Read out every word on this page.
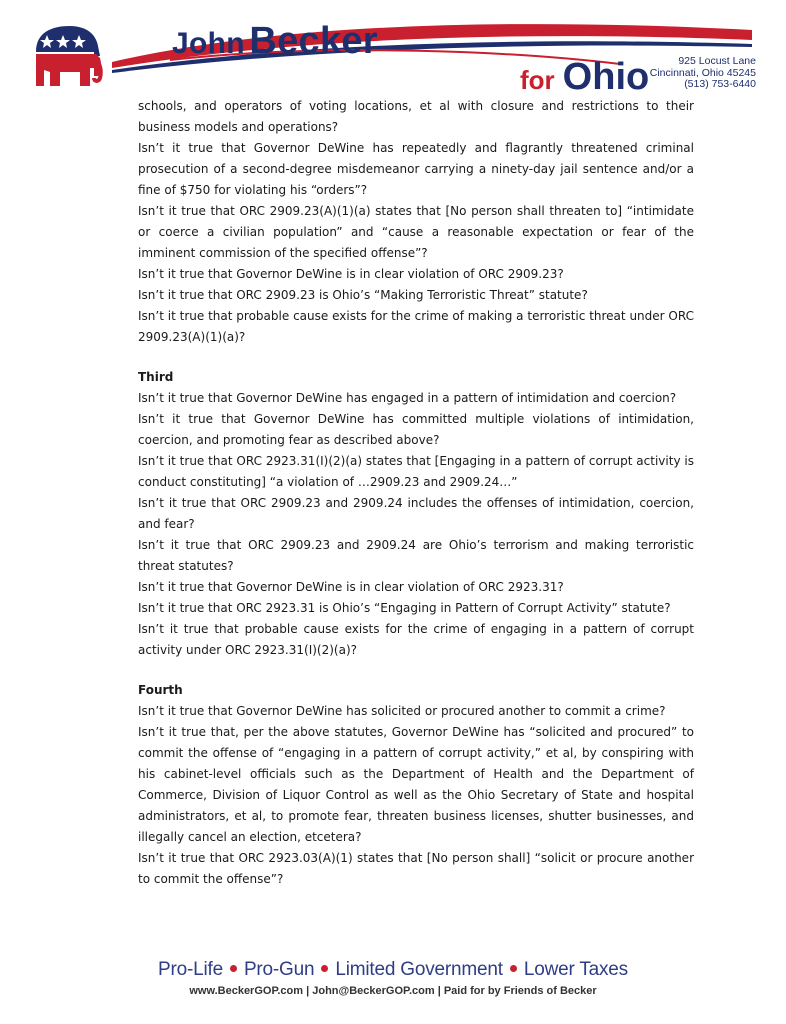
John Becker
for Ohio	925 Locust Lane
Cincinnati, Ohio 45245
(513) 753-6440

schools, and operators of voting locations, et al with closure and restrictions to their business models and operations?

Isn’t it true that Governor DeWine has repeatedly and flagrantly threatened criminal prosecution of a second-degree misdemeanor carrying a ninety-day jail sentence and/or a fine of $750 for violating his “orders”?

Isn’t it true that ORC 2909.23(A)(1)(a) states that [No person shall threaten to] “intimidate or coerce a civilian population” and “cause a reasonable expectation or fear of the imminent commission of the specified offense”?

Isn’t it true that Governor DeWine is in clear violation of ORC 2909.23?

Isn’t it true that ORC 2909.23 is Ohio’s “Making Terroristic Threat” statute?

Isn’t it true that probable cause exists for the crime of making a terroristic threat under ORC 2909.23(A)(1)(a)?

Third

Isn’t it true that Governor DeWine has engaged in a pattern of intimidation and coercion?

Isn’t it true that Governor DeWine has committed multiple violations of intimidation, coercion, and promoting fear as described above?

Isn’t it true that ORC 2923.31(I)(2)(a) states that [Engaging in a pattern of corrupt activity is conduct constituting] “a violation of …2909.23 and 2909.24…”

Isn’t it true that ORC 2909.23 and 2909.24 includes the offenses of intimidation, coercion, and fear?

Isn’t it true that ORC 2909.23 and 2909.24 are Ohio’s terrorism and making terroristic threat statutes?

Isn’t it true that Governor DeWine is in clear violation of ORC 2923.31?

Isn’t it true that ORC 2923.31 is Ohio’s “Engaging in Pattern of Corrupt Activity” statute?

Isn’t it true that probable cause exists for the crime of engaging in a pattern of corrupt activity under ORC 2923.31(I)(2)(a)?

Fourth

Isn’t it true that Governor DeWine has solicited or procured another to commit a crime?

Isn’t it true that, per the above statutes, Governor DeWine has “solicited and procured” to commit the offense of “engaging in a pattern of corrupt activity,” et al, by conspiring with his cabinet-level officials such as the Department of Health and the Department of Commerce, Division of Liquor Control as well as the Ohio Secretary of State and hospital administrators, et al, to promote fear, threaten business licenses, shutter businesses, and illegally cancel an election, etcetera?

Isn’t it true that ORC 2923.03(A)(1) states that [No person shall] “solicit or procure another to commit the offense”?

Pro-Life Pro-Gun Limited Government Lower Taxes
www.BeckerGOP.com | John@BeckerGOP.com | Paid for by Friends of Becker
